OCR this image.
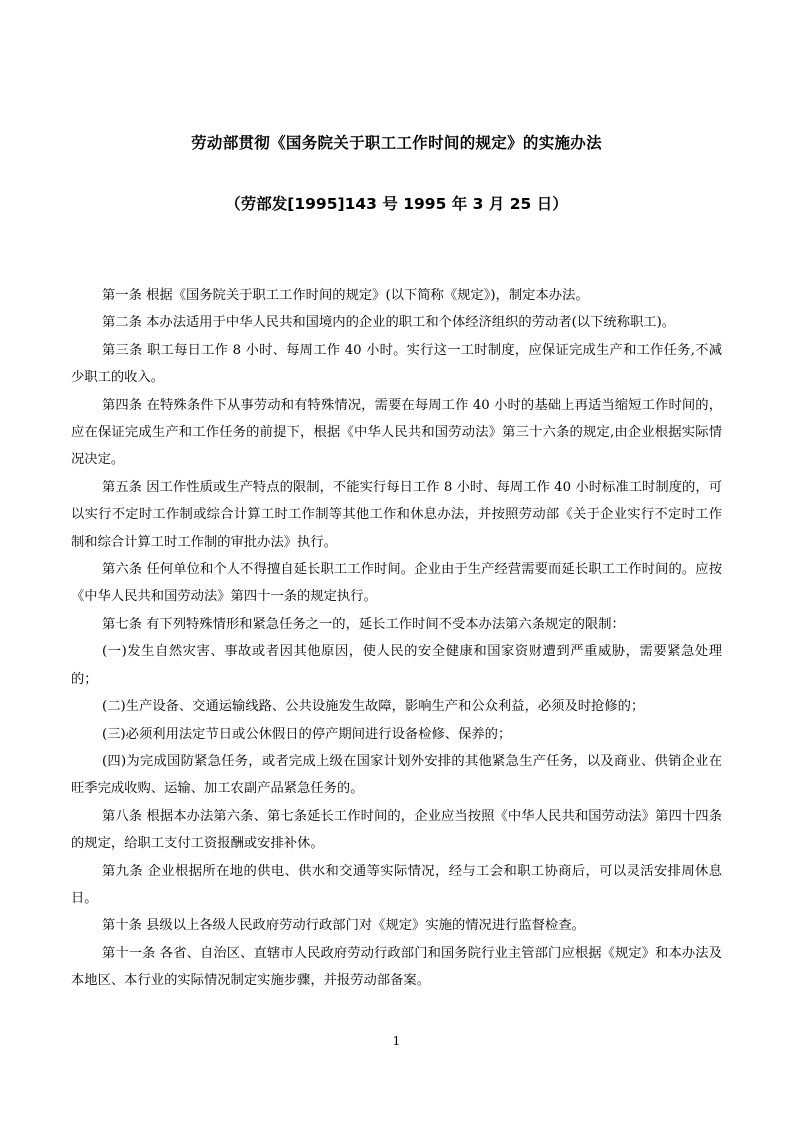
劳动部贯彻《国务院关于职工工作时间的规定》的实施办法
（劳部发[1995]143 号 1995 年 3 月 25 日）

第一条 根据《国务院关于职工工作时间的规定》(以下简称《规定》)，制定本办法。

第二条 本办法适用于中华人民共和国境内的企业的职工和个体经济组织的劳动者(以下统称职工)。

第三条 职工每日工作 8 小时、每周工作 40 小时。实行这一工时制度，应保证完成生产和工作任务,不减少职工的收入。

第四条 在特殊条件下从事劳动和有特殊情况，需要在每周工作 40 小时的基础上再适当缩短工作时间的，应在保证完成生产和工作任务的前提下，根据《中华人民共和国劳动法》第三十六条的规定,由企业根据实际情况决定。

第五条 因工作性质或生产特点的限制，不能实行每日工作 8 小时、每周工作 40 小时标准工时制度的，可以实行不定时工作制或综合计算工时工作制等其他工作和休息办法，并按照劳动部《关于企业实行不定时工作制和综合计算工时工作制的审批办法》执行。

第六条 任何单位和个人不得擅自延长职工工作时间。企业由于生产经营需要而延长职工工作时间的。应按《中华人民共和国劳动法》第四十一条的规定执行。

第七条 有下列特殊情形和紧急任务之一的，延长工作时间不受本办法第六条规定的限制：

(一)发生自然灾害、事故或者因其他原因，使人民的安全健康和国家资财遭到严重威胁，需要紧急处理的；

(二)生产设备、交通运输线路、公共设施发生故障，影响生产和公众利益，必须及时抢修的；

(三)必须利用法定节日或公休假日的停产期间进行设备检修、保养的；

(四)为完成国防紧急任务，或者完成上级在国家计划外安排的其他紧急生产任务，以及商业、供销企业在旺季完成收购、运输、加工农副产品紧急任务的。

第八条 根据本办法第六条、第七条延长工作时间的，企业应当按照《中华人民共和国劳动法》第四十四条的规定，给职工支付工资报酬或安排补休。

第九条 企业根据所在地的供电、供水和交通等实际情况，经与工会和职工协商后，可以灵活安排周休息日。

第十条 县级以上各级人民政府劳动行政部门对《规定》实施的情况进行监督检查。

第十一条 各省、自治区、直辖市人民政府劳动行政部门和国务院行业主管部门应根据《规定》和本办法及本地区、本行业的实际情况制定实施步骤，并报劳动部备案。

1
